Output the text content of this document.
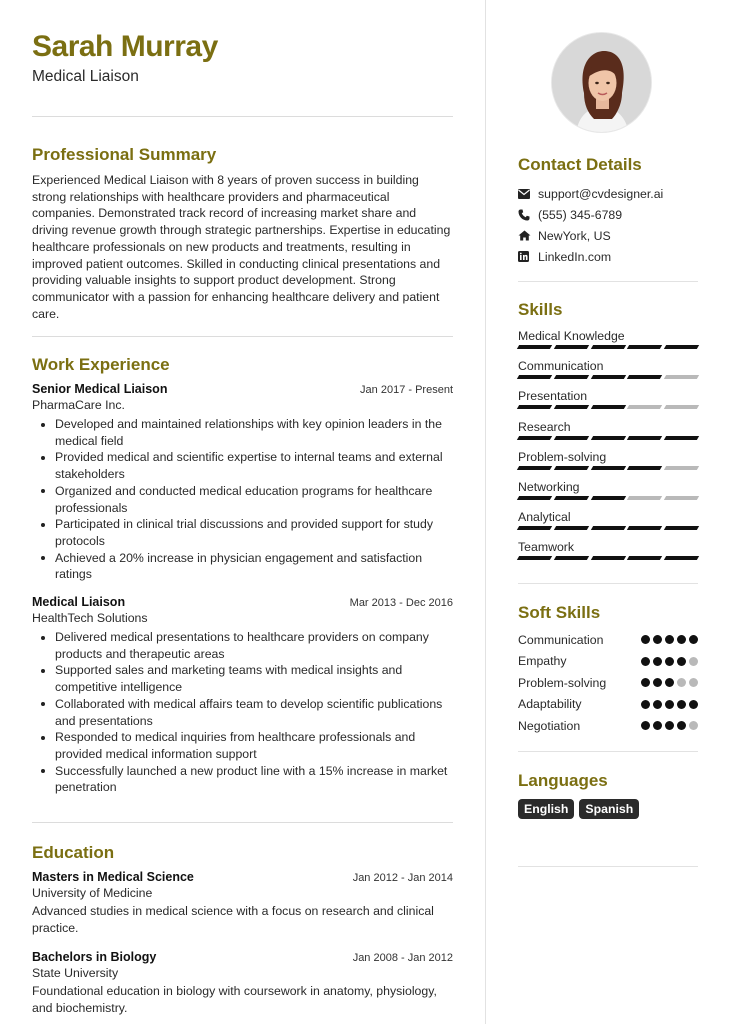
Sarah Murray
Medical Liaison
Professional Summary
Experienced Medical Liaison with 8 years of proven success in building strong relationships with healthcare providers and pharmaceutical companies. Demonstrated track record of increasing market share and driving revenue growth through strategic partnerships. Expertise in educating healthcare professionals on new products and treatments, resulting in improved patient outcomes. Skilled in conducting clinical presentations and providing valuable insights to support product development. Strong communicator with a passion for enhancing healthcare delivery and patient care.
Work Experience
Senior Medical Liaison	Jan 2017 - Present
PharmaCare Inc.
Developed and maintained relationships with key opinion leaders in the medical field
Provided medical and scientific expertise to internal teams and external stakeholders
Organized and conducted medical education programs for healthcare professionals
Participated in clinical trial discussions and provided support for study protocols
Achieved a 20% increase in physician engagement and satisfaction ratings
Medical Liaison	Mar 2013 - Dec 2016
HealthTech Solutions
Delivered medical presentations to healthcare providers on company products and therapeutic areas
Supported sales and marketing teams with medical insights and competitive intelligence
Collaborated with medical affairs team to develop scientific publications and presentations
Responded to medical inquiries from healthcare professionals and provided medical information support
Successfully launched a new product line with a 15% increase in market penetration
Education
Masters in Medical Science	Jan 2012 - Jan 2014
University of Medicine
Advanced studies in medical science with a focus on research and clinical practice.
Bachelors in Biology	Jan 2008 - Jan 2012
State University
Foundational education in biology with coursework in anatomy, physiology, and biochemistry.
Contact Details
support@cvdesigner.ai
(555) 345-6789
NewYork, US
LinkedIn.com
Skills
Medical Knowledge
Communication
Presentation
Research
Problem-solving
Networking
Analytical
Teamwork
Soft Skills
Communication
Empathy
Problem-solving
Adaptability
Negotiation
Languages
English	Spanish
